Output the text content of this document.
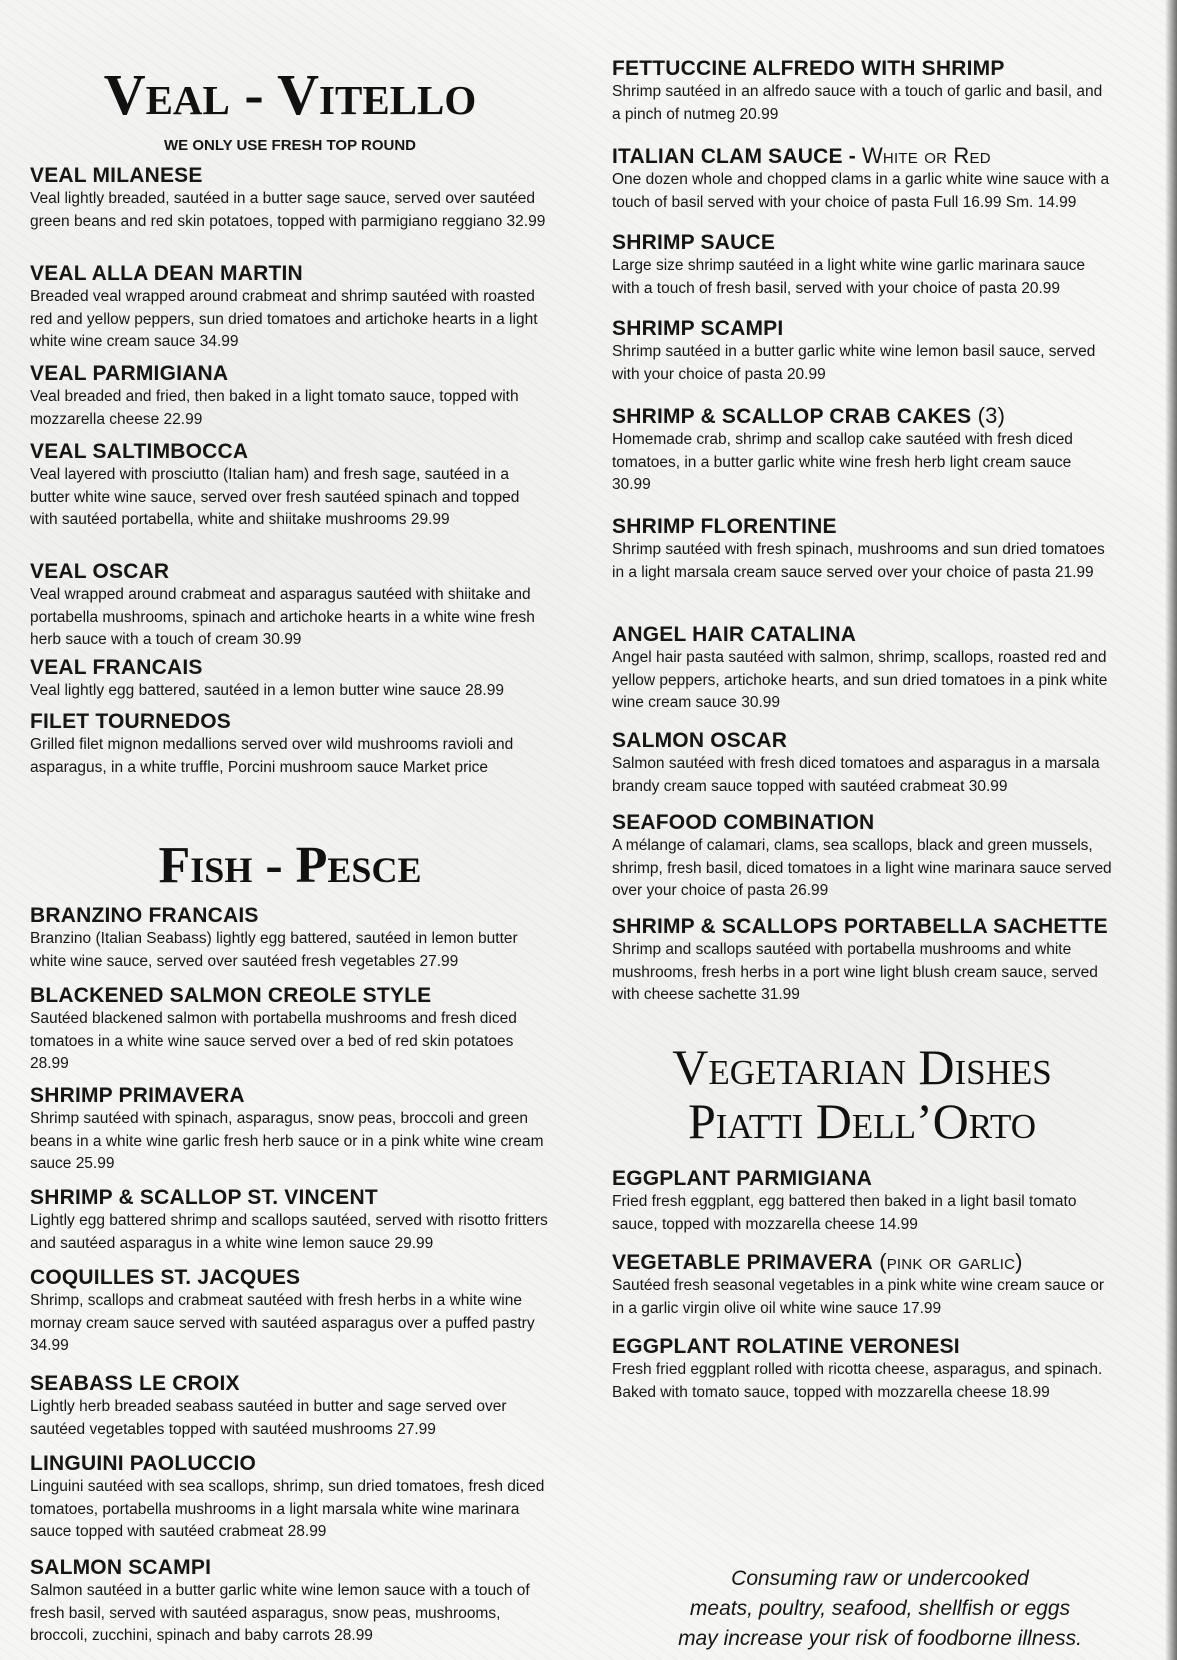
Veal - Vitello
WE ONLY USE FRESH TOP ROUND

VEAL MILANESE

Veal lightly breaded, sautéed in a butter sage sauce, served over sautéed green beans and red skin potatoes, topped with parmigiano reggiano 32.99

VEAL ALLA DEAN MARTIN

Breaded veal wrapped around crabmeat and shrimp sautéed with roasted red and yellow peppers, sun dried tomatoes and artichoke hearts in a light white wine cream sauce 34.99

VEAL PARMIGIANA

Veal breaded and fried, then baked in a light tomato sauce, topped with mozzarella cheese 22.99

VEAL SALTIMBOCCA

Veal layered with prosciutto (Italian ham) and fresh sage, sautéed in a butter white wine sauce, served over fresh sautéed spinach and topped with sautéed portabella, white and shiitake mushrooms 29.99

VEAL OSCAR

Veal wrapped around crabmeat and asparagus sautéed with shiitake and portabella mushrooms, spinach and artichoke hearts in a white wine fresh herb sauce with a touch of cream 30.99

VEAL FRANCAIS

Veal lightly egg battered, sautéed in a lemon butter wine sauce 28.99

FILET TOURNEDOS

Grilled filet mignon medallions served over wild mushrooms ravioli and asparagus, in a white truffle, Porcini mushroom sauce Market price

Fish - Pesce

BRANZINO FRANCAIS

Branzino (Italian Seabass) lightly egg battered, sautéed in lemon butter white wine sauce, served over sautéed fresh vegetables 27.99

BLACKENED SALMON CREOLE STYLE

Sautéed blackened salmon with portabella mushrooms and fresh diced tomatoes in a white wine sauce served over a bed of red skin potatoes28.99

SHRIMP PRIMAVERA

Shrimp sautéed with spinach, asparagus, snow peas, broccoli and green beans in a white wine garlic fresh herb sauce or in a pink white wine cream sauce 25.99

SHRIMP & SCALLOP ST. VINCENT

Lightly egg battered shrimp and scallops sautéed, served with risotto fritters and sautéed asparagus in a white wine lemon sauce 29.99

COQUILLES ST. JACQUES

Shrimp, scallops and crabmeat sautéed with fresh herbs in a white wine mornay cream sauce served with sautéed asparagus over a puffed pastry34.99

SEABASS LE CROIX

Lightly herb breaded seabass sautéed in butter and sage served over sautéed vegetables topped with sautéed mushrooms 27.99

LINGUINI PAOLUCCIO

Linguini sautéed with sea scallops, shrimp, sun dried tomatoes, fresh diced tomatoes, portabella mushrooms in a light marsala white wine marinara sauce topped with sautéed crabmeat 28.99

SALMON SCAMPI

Salmon sautéed in a butter garlic white wine lemon sauce with a touch of fresh basil, served with sautéed asparagus, snow peas, mushrooms, broccoli, zucchini, spinach and baby carrots 28.99

FETTUCCINE ALFREDO WITH SHRIMP

Shrimp sautéed in an alfredo sauce with a touch of garlic and basil, and a pinch of nutmeg 20.99

ITALIAN CLAM SAUCE - White or Red

One dozen whole and chopped clams in a garlic white wine sauce with a touch of basil served with your choice of pasta Full 16.99 Sm. 14.99

SHRIMP SAUCE

Large size shrimp sautéed in a light white wine garlic marinara sauce with a touch of fresh basil, served with your choice of pasta 20.99

SHRIMP SCAMPI

Shrimp sautéed in a butter garlic white wine lemon basil sauce, served with your choice of pasta 20.99

SHRIMP & SCALLOP CRAB CAKES (3)

Homemade crab, shrimp and scallop cake sautéed with fresh diced tomatoes, in a butter garlic white wine fresh herb light cream sauce30.99

SHRIMP FLORENTINE

Shrimp sautéed with fresh spinach, mushrooms and sun dried tomatoes in a light marsala cream sauce served over your choice of pasta 21.99

ANGEL HAIR CATALINA

Angel hair pasta sautéed with salmon, shrimp, scallops, roasted red and yellow peppers, artichoke hearts, and sun dried tomatoes in a pink white wine cream sauce 30.99

SALMON OSCAR

Salmon sautéed with fresh diced tomatoes and asparagus in a marsala brandy cream sauce topped with sautéed crabmeat 30.99

SEAFOOD COMBINATION

A mélange of calamari, clams, sea scallops, black and green mussels, shrimp, fresh basil, diced tomatoes in a light wine marinara sauce served over your choice of pasta 26.99

SHRIMP & SCALLOPS PORTABELLA SACHETTE

Shrimp and scallops sautéed with portabella mushrooms and white mushrooms, fresh herbs in a port wine light blush cream sauce, served with cheese sachette 31.99

Vegetarian Dishes
Piatti Dell’Orto

EGGPLANT PARMIGIANA

Fried fresh eggplant, egg battered then baked in a light basil tomato sauce, topped with mozzarella cheese 14.99

VEGETABLE PRIMAVERA (pink or garlic)

Sautéed fresh seasonal vegetables in a pink white wine cream sauce or in a garlic virgin olive oil white wine sauce 17.99

EGGPLANT ROLATINE VERONESI

Fresh fried eggplant rolled with ricotta cheese, asparagus, and spinach. Baked with tomato sauce, topped with mozzarella cheese 18.99

Consuming raw or undercooked
meats, poultry, seafood, shellfish or eggs
may increase your risk of foodborne illness.
